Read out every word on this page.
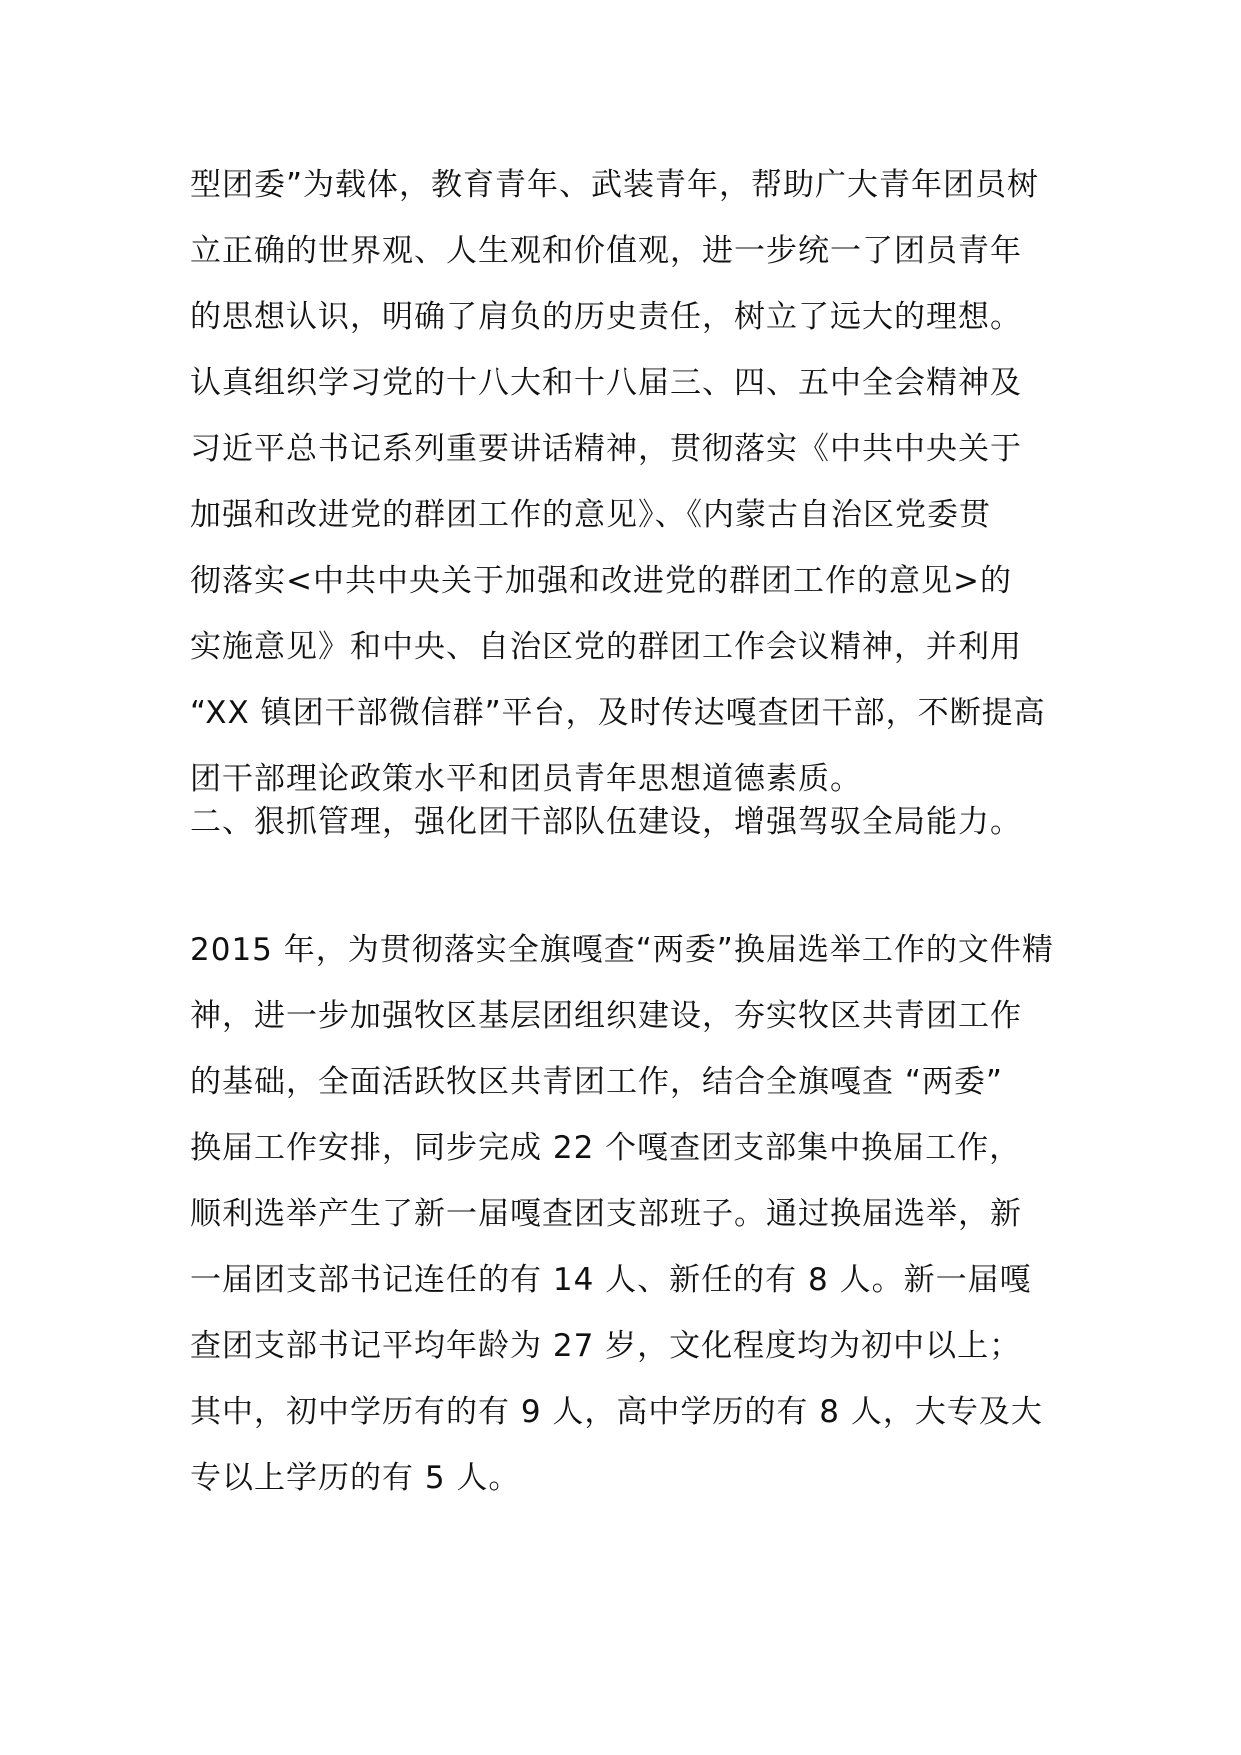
型团委”为载体，教育青年、武装青年，帮助广大青年团员树
立正确的世界观、人生观和价值观，进一步统一了团员青年
的思想认识，明确了肩负的历史责任，树立了远大的理想。
认真组织学习党的十八大和十八届三、四、五中全会精神及
习近平总书记系列重要讲话精神，贯彻落实《中共中央关于
加强和改进党的群团工作的意见》、《内蒙古自治区党委贯
彻落实<中共中央关于加强和改进党的群团工作的意见>的
实施意见》和中央、自治区党的群团工作会议精神，并利用
“XX 镇团干部微信群”平台，及时传达嘎查团干部，不断提高
团干部理论政策水平和团员青年思想道德素质。
二、狠抓管理，强化团干部队伍建设，增强驾驭全局能力。
2015 年，为贯彻落实全旗嘎查“两委”换届选举工作的文件精
神，进一步加强牧区基层团组织建设，夯实牧区共青团工作
的基础，全面活跃牧区共青团工作，结合全旗嘎查 “两委”
换届工作安排，同步完成 22 个嘎查团支部集中换届工作，
顺利选举产生了新一届嘎查团支部班子。通过换届选举，新
一届团支部书记连任的有 14 人、新任的有 8 人。新一届嘎
查团支部书记平均年龄为 27 岁，文化程度均为初中以上；
其中，初中学历有的有 9 人，高中学历的有 8 人，大专及大
专以上学历的有 5 人。
